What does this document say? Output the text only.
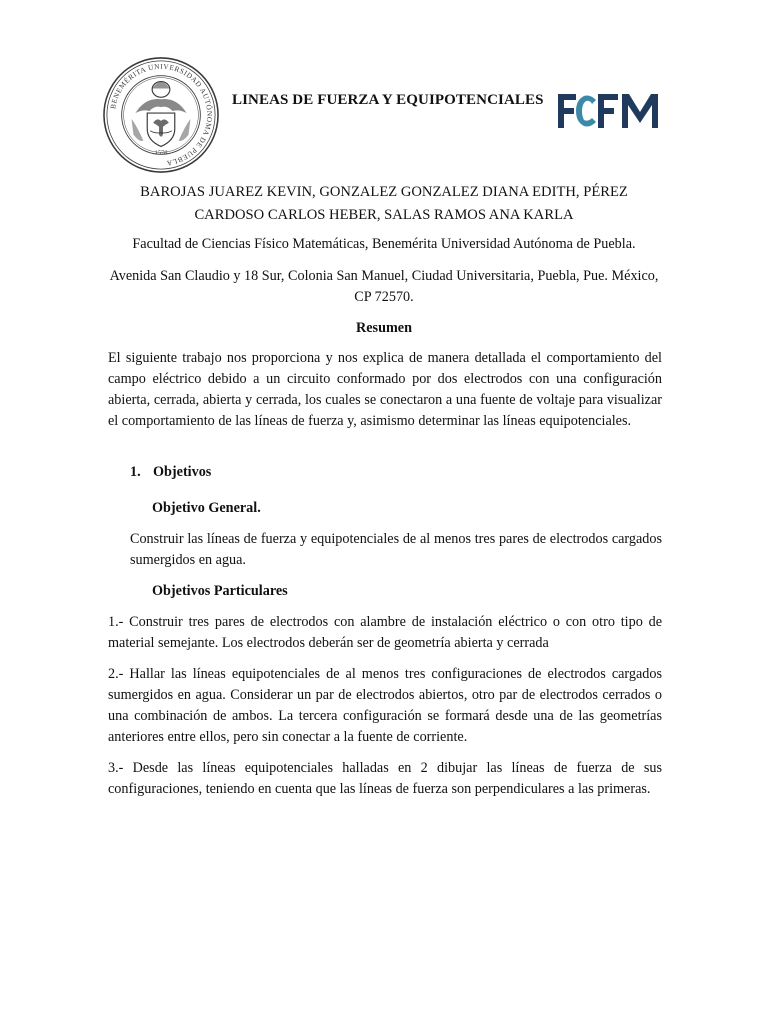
BENEMÉRITA UNIVERSIDAD AUTÓNOMA DE PUEBLA
1578
LINEAS DE FUERZA Y EQUIPOTENCIALES

BAROJAS JUAREZ KEVIN, GONZALEZ GONZALEZ DIANA EDITH, PÉREZ CARDOSO CARLOS HEBER, SALAS RAMOS ANA KARLA

Facultad de Ciencias Físico Matemáticas, Benemérita Universidad Autónoma de Puebla.

Avenida San Claudio y 18 Sur, Colonia San Manuel, Ciudad Universitaria, Puebla, Pue. México, CP 72570.

Resumen

El siguiente trabajo nos proporciona y nos explica de manera detallada el comportamiento del campo eléctrico debido a un circuito conformado por dos electrodos con una configuración abierta, cerrada, abierta y cerrada, los cuales se conectaron a una fuente de voltaje para visualizar el comportamiento de las líneas de fuerza y, asimismo determinar las líneas equipotenciales.

1. Objetivos

Objetivo General.

Construir las líneas de fuerza y equipotenciales de al menos tres pares de electrodos cargados sumergidos en agua.

Objetivos Particulares

1.- Construir tres pares de electrodos con alambre de instalación eléctrico o con otro tipo de material semejante. Los electrodos deberán ser de geometría abierta y cerrada

2.- Hallar las líneas equipotenciales de al menos tres configuraciones de electrodos cargados sumergidos en agua. Considerar un par de electrodos abiertos, otro par de electrodos cerrados o una combinación de ambos. La tercera configuración se formará desde una de las geometrías anteriores entre ellos, pero sin conectar a la fuente de corriente.

3.- Desde las líneas equipotenciales halladas en 2 dibujar las líneas de fuerza de sus configuraciones, teniendo en cuenta que las líneas de fuerza son perpendiculares a las primeras.
